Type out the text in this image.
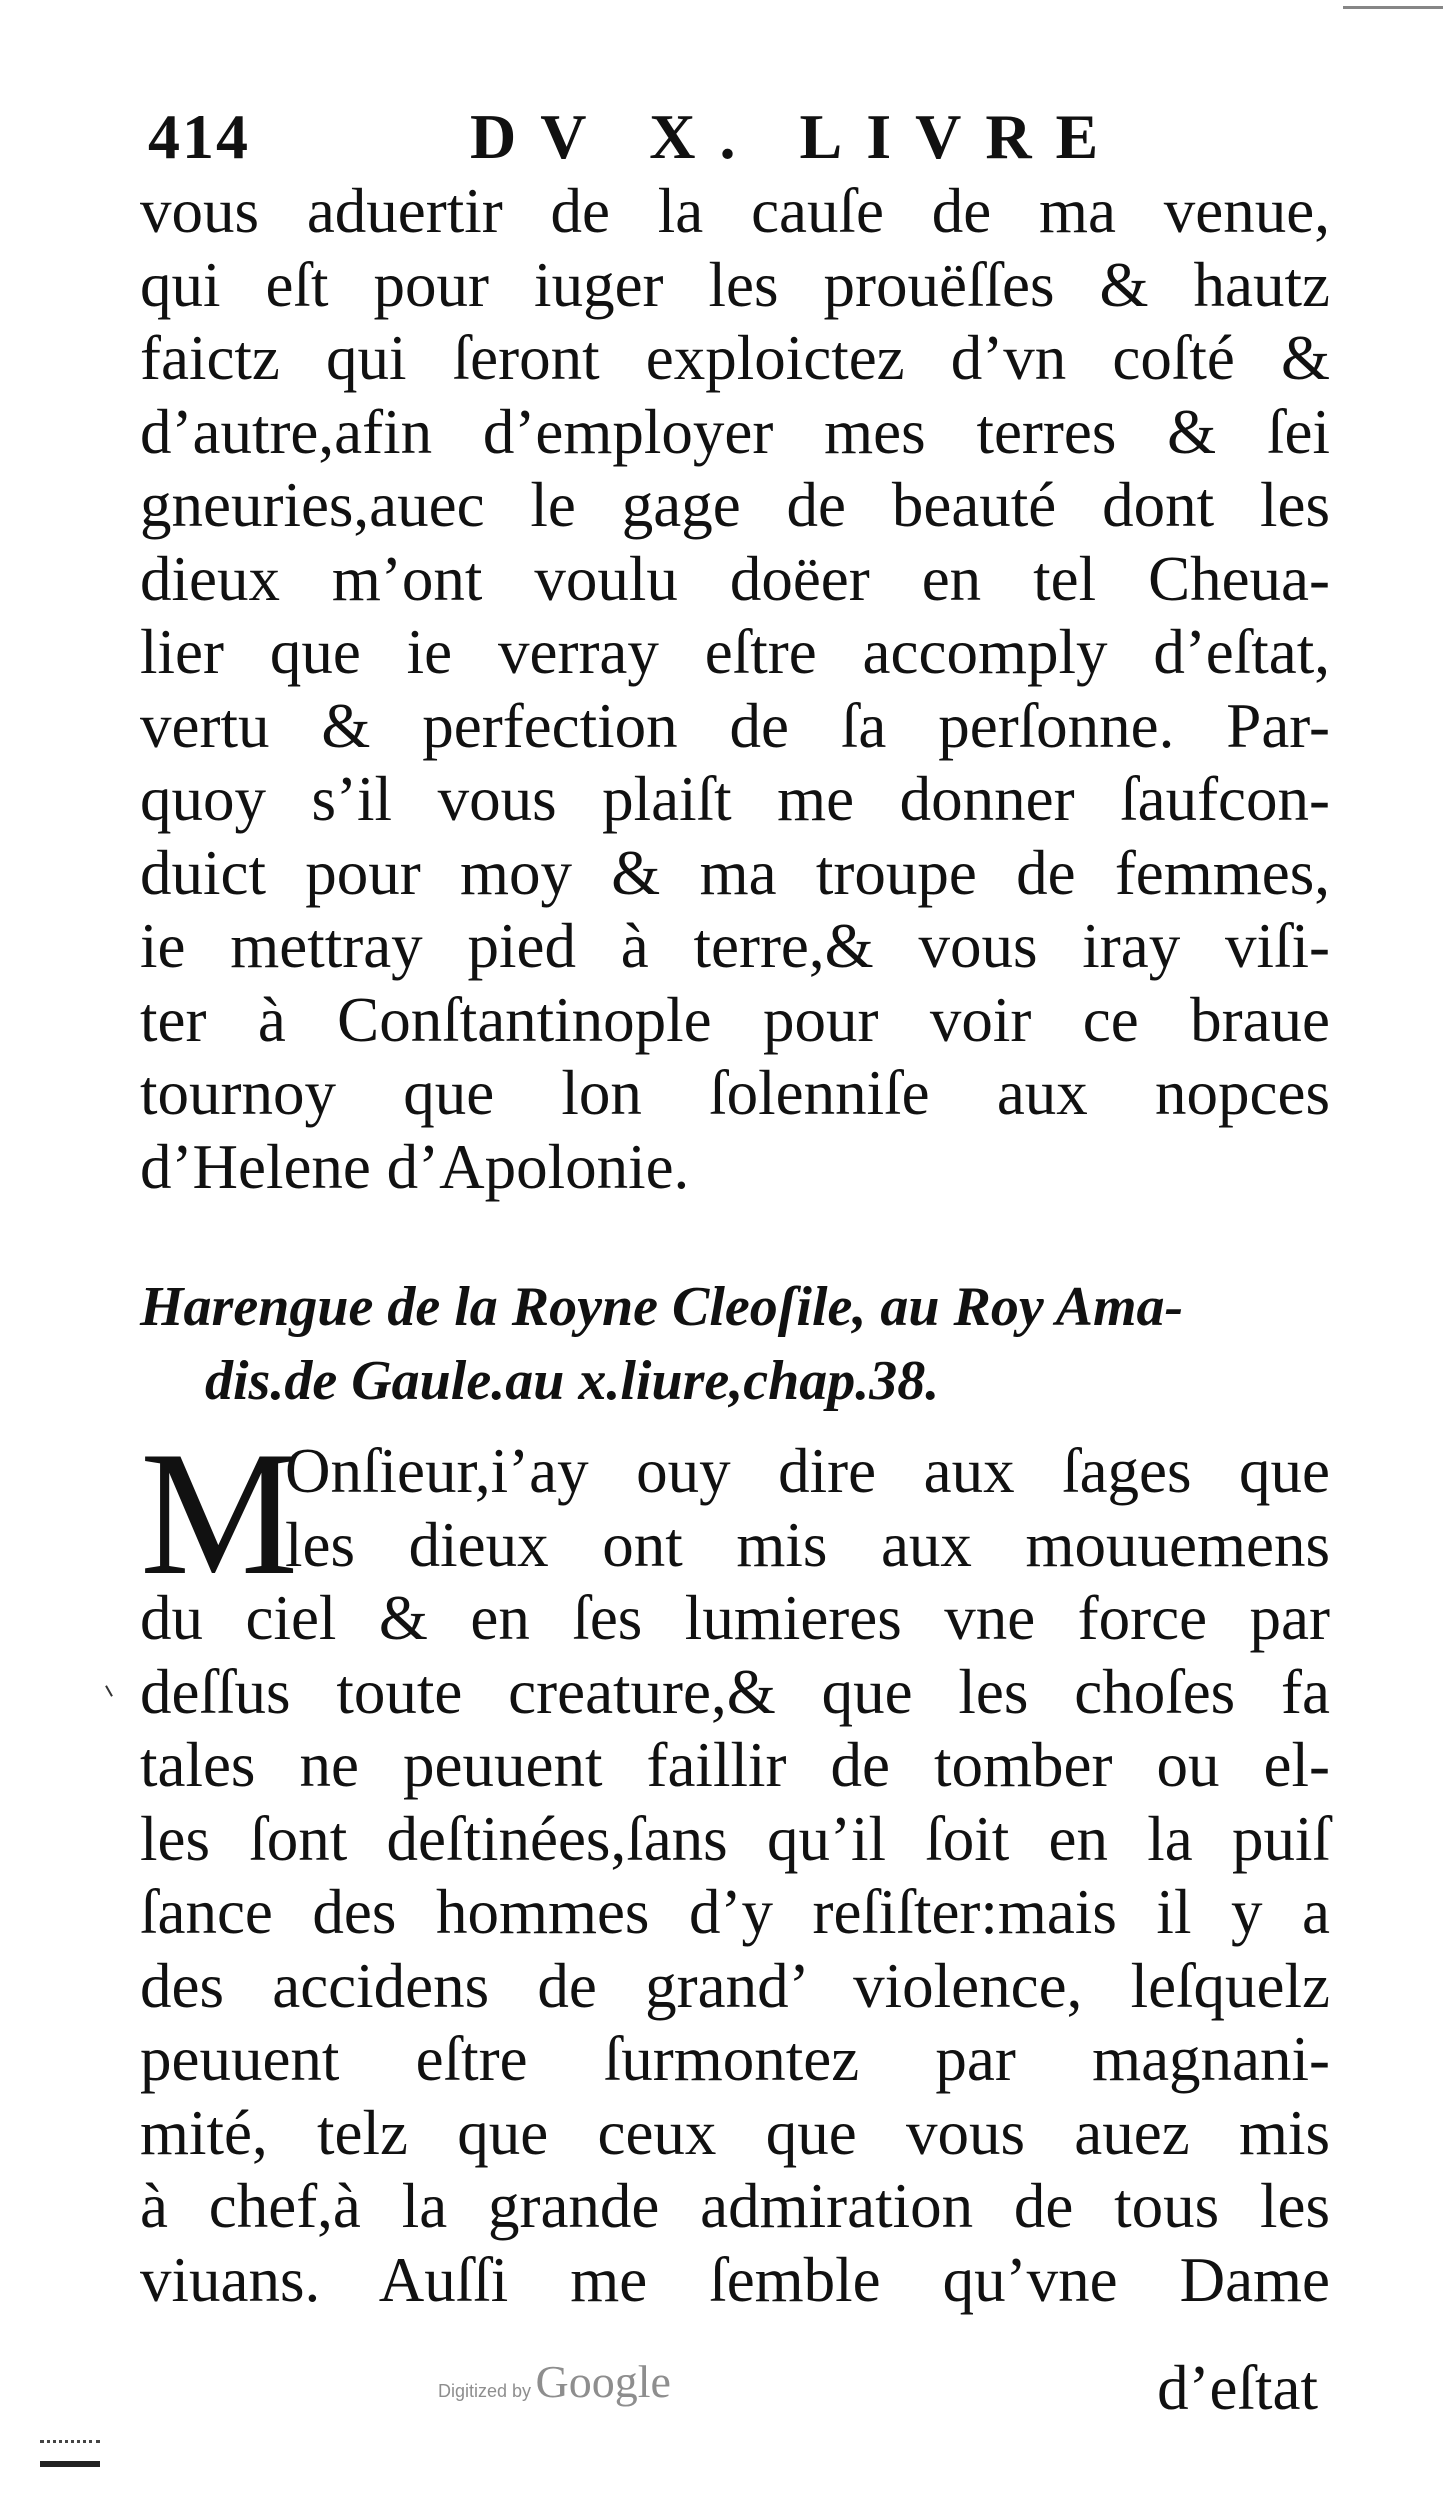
414	DV X. LIVRE
vous aduertir de la cauſe de ma venue,
qui eſt pour iuger les prouëſſes & hautz
faictz qui ſeront exploictez d’vn coſté &
d’autre,afin d’employer mes terres & ſei
gneuries,auec le gage de beauté dont les
dieux m’ont voulu doëer en tel Cheua-
lier que ie verray eſtre accomply d’eſtat,
vertu & perfection de ſa perſonne. Par-
quoy s’il vous plaiſt me donner ſaufcon-
duict pour moy & ma troupe de femmes,
ie mettray pied à terre,& vous iray viſi-
ter à Conſtantinople pour voir ce braue
tournoy que lon ſolenniſe aux nopces
d’Helene d’Apolonie.
Harengue de la Royne Cleoſile, au Roy Ama-
dis.de Gaule.au x.liure,chap.38.
M
Onſieur,i’ay ouy dire aux ſages que
les dieux ont mis aux mouuemens
du ciel & en ſes lumieres vne force par
deſſus toute creature,& que les choſes fa
tales ne peuuent faillir de tomber ou el-
les ſont deſtinées,ſans qu’il ſoit en la puiſ
ſance des hommes d’y reſiſter:mais il y a
des accidens de grand’ violence, leſquelz
peuuent eſtre ſurmontez par magnani-
mité, telz que ceux que vous auez mis
à chef,à la grande admiration de tous les
viuans. Auſſi me ſemble qu’vne Dame
Digitized by Google	d’eſtat
